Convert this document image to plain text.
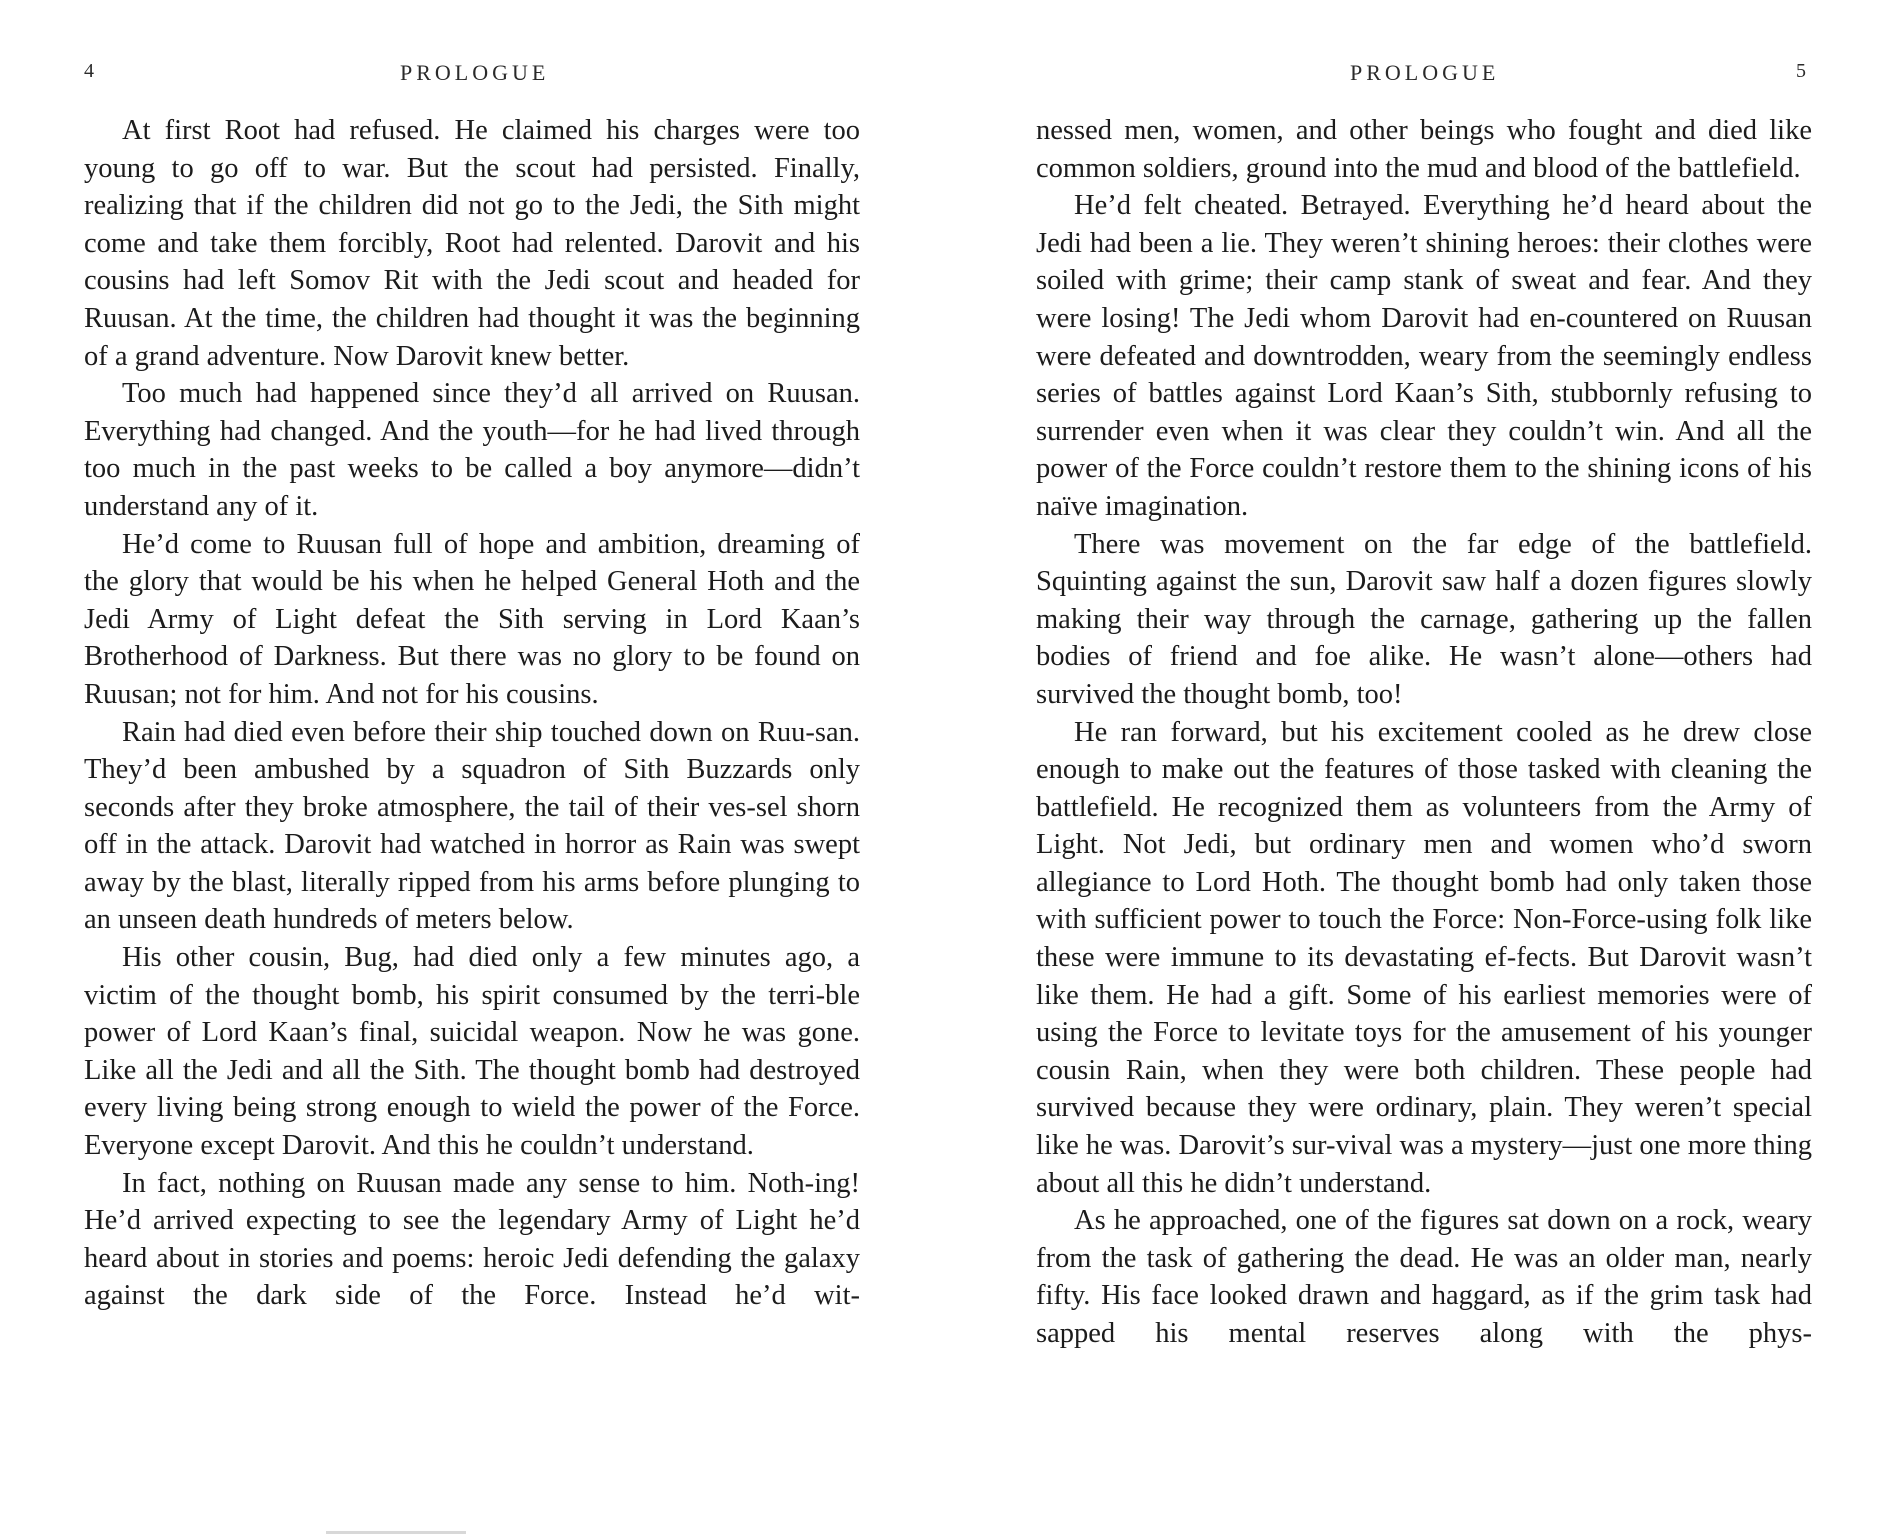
4	PROLOGUE

At first Root had refused. He claimed his charges were too young to go off to war. But the scout had persisted. Finally, realizing that if the children did not go to the Jedi, the Sith might come and take them forcibly, Root had relented. Darovit and his cousins had left Somov Rit with the Jedi scout and headed for Ruusan. At the time, the children had thought it was the beginning of a grand adventure. Now Darovit knew better.

Too much had happened since they’d all arrived on Ruusan. Everything had changed. And the youth—for he had lived through too much in the past weeks to be called a boy anymore—didn’t understand any of it.

He’d come to Ruusan full of hope and ambition, dreaming of the glory that would be his when he helped General Hoth and the Jedi Army of Light defeat the Sith serving in Lord Kaan’s Brotherhood of Darkness. But there was no glory to be found on Ruusan; not for him. And not for his cousins.

Rain had died even before their ship touched down on Ruu-san. They’d been ambushed by a squadron of Sith Buzzards only seconds after they broke atmosphere, the tail of their ves-sel shorn off in the attack. Darovit had watched in horror as Rain was swept away by the blast, literally ripped from his arms before plunging to an unseen death hundreds of meters below.

His other cousin, Bug, had died only a few minutes ago, a victim of the thought bomb, his spirit consumed by the terri-ble power of Lord Kaan’s final, suicidal weapon. Now he was gone. Like all the Jedi and all the Sith. The thought bomb had destroyed every living being strong enough to wield the power of the Force. Everyone except Darovit. And this he couldn’t understand.

In fact, nothing on Ruusan made any sense to him. Noth-ing! He’d arrived expecting to see the legendary Army of Light he’d heard about in stories and poems: heroic Jedi defending the galaxy against the dark side of the Force. Instead he’d wit-

PROLOGUE	5

nessed men, women, and other beings who fought and died like common soldiers, ground into the mud and blood of the battlefield.

He’d felt cheated. Betrayed. Everything he’d heard about the Jedi had been a lie. They weren’t shining heroes: their clothes were soiled with grime; their camp stank of sweat and fear. And they were losing! The Jedi whom Darovit had en-countered on Ruusan were defeated and downtrodden, weary from the seemingly endless series of battles against Lord Kaan’s Sith, stubbornly refusing to surrender even when it was clear they couldn’t win. And all the power of the Force couldn’t restore them to the shining icons of his naïve imagination.

There was movement on the far edge of the battlefield. Squinting against the sun, Darovit saw half a dozen figures slowly making their way through the carnage, gathering up the fallen bodies of friend and foe alike. He wasn’t alone—others had survived the thought bomb, too!

He ran forward, but his excitement cooled as he drew close enough to make out the features of those tasked with cleaning the battlefield. He recognized them as volunteers from the Army of Light. Not Jedi, but ordinary men and women who’d sworn allegiance to Lord Hoth. The thought bomb had only taken those with sufficient power to touch the Force: Non-Force-using folk like these were immune to its devastating ef-fects. But Darovit wasn’t like them. He had a gift. Some of his earliest memories were of using the Force to levitate toys for the amusement of his younger cousin Rain, when they were both children. These people had survived because they were ordinary, plain. They weren’t special like he was. Darovit’s sur-vival was a mystery—just one more thing about all this he didn’t understand.

As he approached, one of the figures sat down on a rock, weary from the task of gathering the dead. He was an older man, nearly fifty. His face looked drawn and haggard, as if the grim task had sapped his mental reserves along with the phys-
